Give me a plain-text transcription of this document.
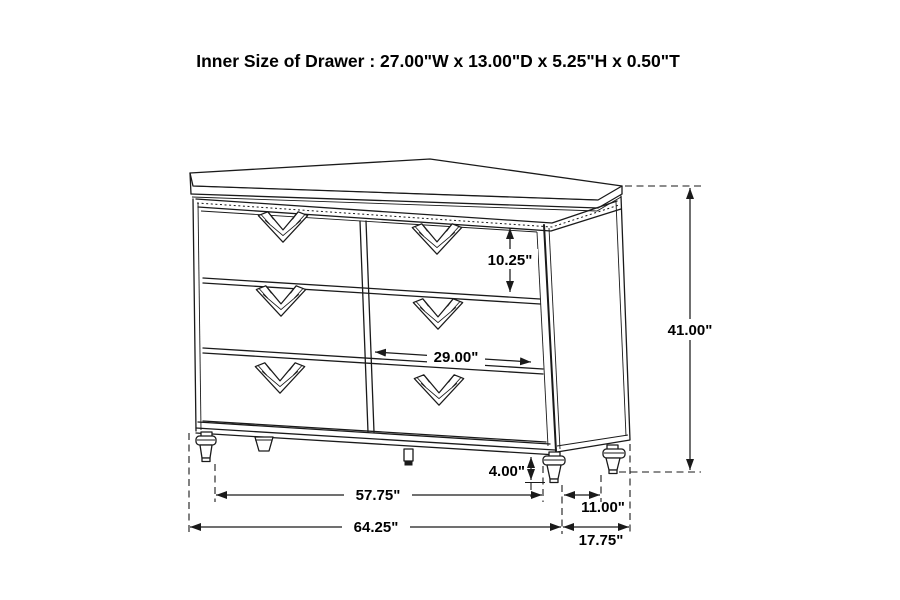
Inner Size of Drawer : 27.00"W x 13.00"D x 5.25"H x 0.50"T
10.25"
29.00"
41.00"
4.00"
57.75"
64.25"
11.00"
17.75"
